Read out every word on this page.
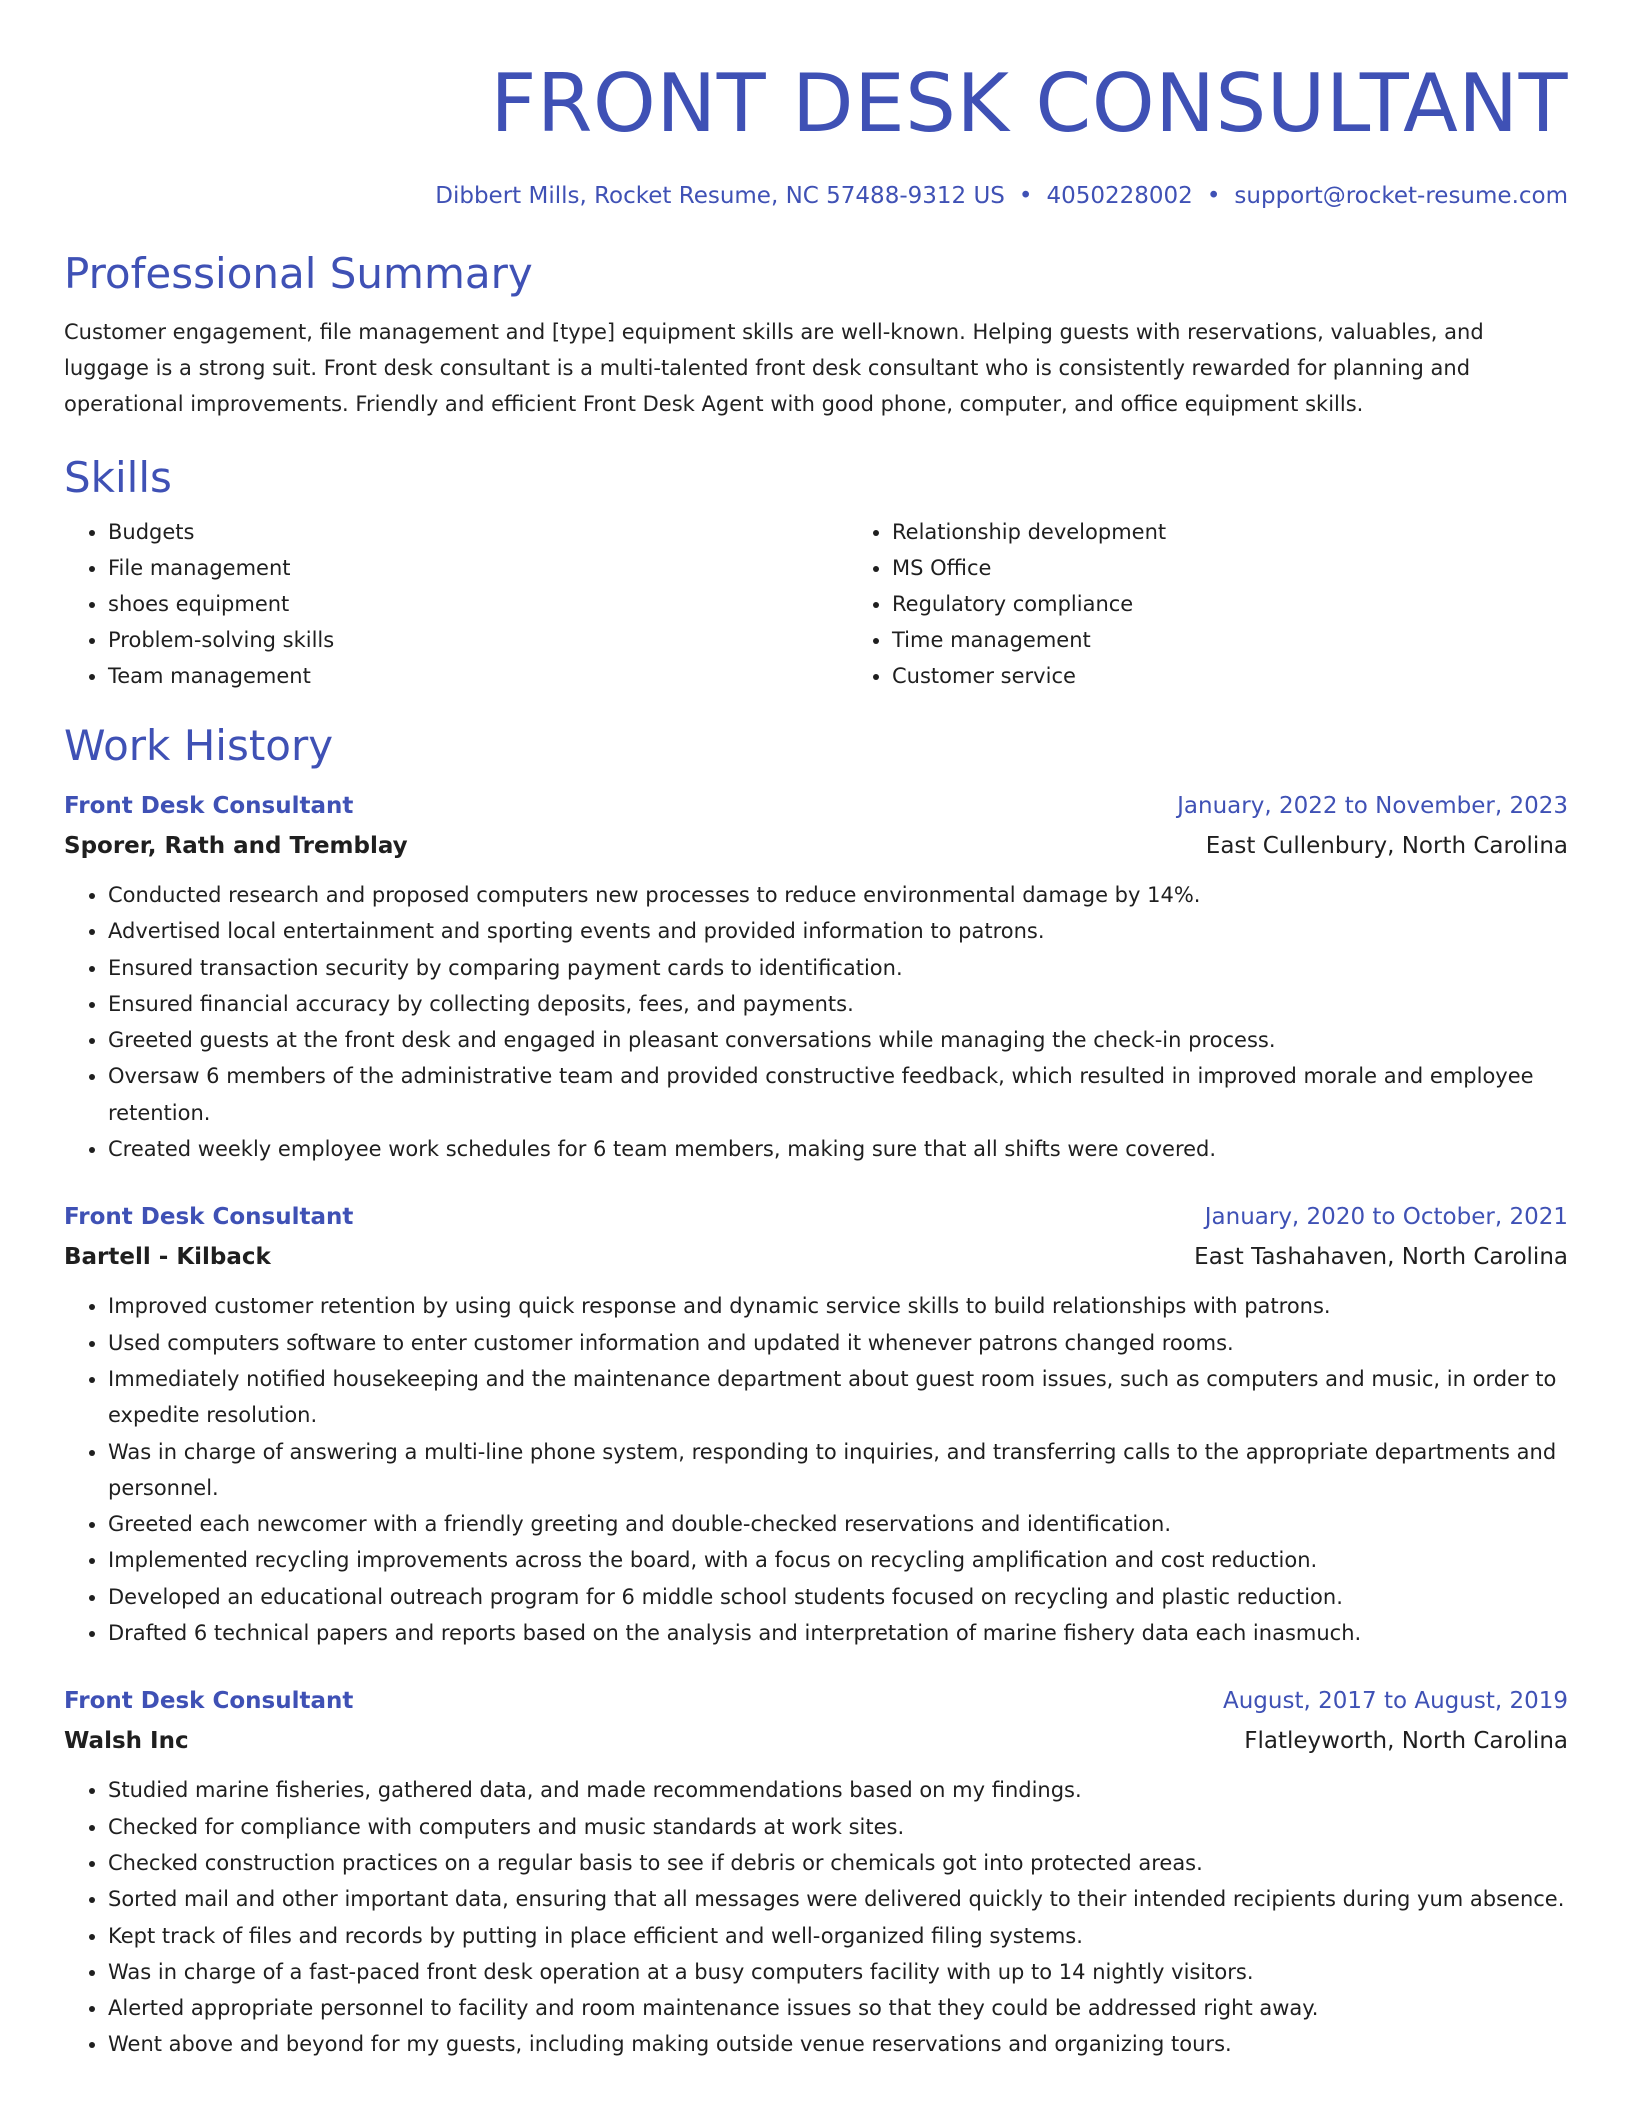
FRONT DESK CONSULTANT
Dibbert Mills, Rocket Resume, NC 57488-9312 US • 4050228002 • support@rocket-resume.com
Professional Summary
Customer engagement, file management and [type] equipment skills are well-known. Helping guests with reservations, valuables, and luggage is a strong suit. Front desk consultant is a multi-talented front desk consultant who is consistently rewarded for planning and operational improvements. Friendly and efficient Front Desk Agent with good phone, computer, and office equipment skills.
Skills
• Budgets
• File management
• shoes equipment
• Problem-solving skills
• Team management
• Relationship development
• MS Office
• Regulatory compliance
• Time management
• Customer service
Work History
Front Desk Consultant	January, 2022 to November, 2023
Sporer, Rath and Tremblay	East Cullenbury, North Carolina
• Conducted research and proposed computers new processes to reduce environmental damage by 14%.
• Advertised local entertainment and sporting events and provided information to patrons.
• Ensured transaction security by comparing payment cards to identification.
• Ensured financial accuracy by collecting deposits, fees, and payments.
• Greeted guests at the front desk and engaged in pleasant conversations while managing the check-in process.
• Oversaw 6 members of the administrative team and provided constructive feedback, which resulted in improved morale and employee retention.
• Created weekly employee work schedules for 6 team members, making sure that all shifts were covered.
Front Desk Consultant	January, 2020 to October, 2021
Bartell - Kilback	East Tashahaven, North Carolina
• Improved customer retention by using quick response and dynamic service skills to build relationships with patrons.
• Used computers software to enter customer information and updated it whenever patrons changed rooms.
• Immediately notified housekeeping and the maintenance department about guest room issues, such as computers and music, in order to expedite resolution.
• Was in charge of answering a multi-line phone system, responding to inquiries, and transferring calls to the appropriate departments and personnel.
• Greeted each newcomer with a friendly greeting and double-checked reservations and identification.
• Implemented recycling improvements across the board, with a focus on recycling amplification and cost reduction.
• Developed an educational outreach program for 6 middle school students focused on recycling and plastic reduction.
• Drafted 6 technical papers and reports based on the analysis and interpretation of marine fishery data each inasmuch.
Front Desk Consultant	August, 2017 to August, 2019
Walsh Inc	Flatleyworth, North Carolina
• Studied marine fisheries, gathered data, and made recommendations based on my findings.
• Checked for compliance with computers and music standards at work sites.
• Checked construction practices on a regular basis to see if debris or chemicals got into protected areas.
• Sorted mail and other important data, ensuring that all messages were delivered quickly to their intended recipients during yum absence.
• Kept track of files and records by putting in place efficient and well-organized filing systems.
• Was in charge of a fast-paced front desk operation at a busy computers facility with up to 14 nightly visitors.
• Alerted appropriate personnel to facility and room maintenance issues so that they could be addressed right away.
• Went above and beyond for my guests, including making outside venue reservations and organizing tours.
